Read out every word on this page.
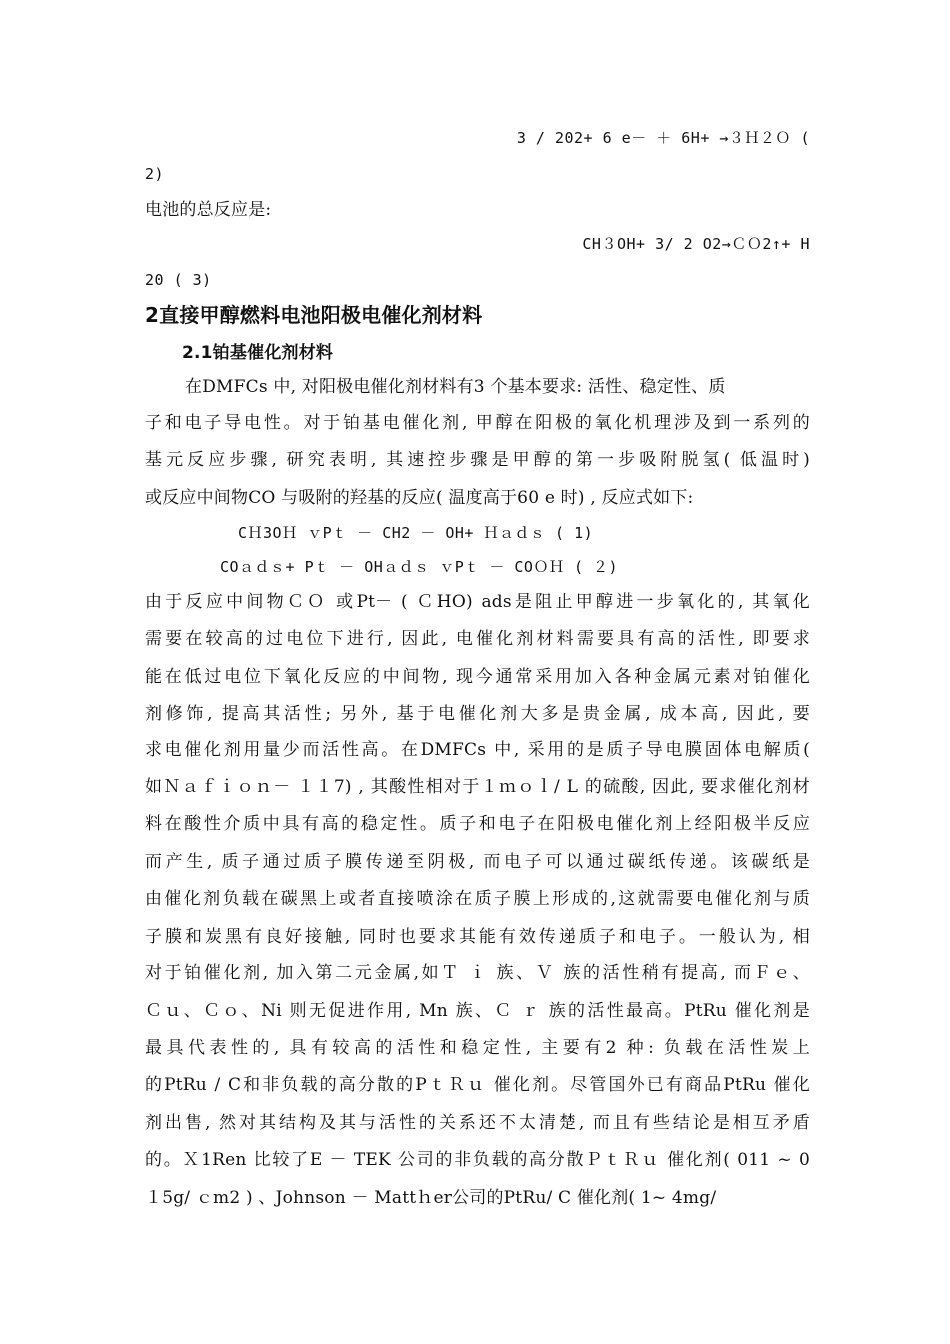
3 / 202+ 6 e－ ＋ 6H+ →３Ｈ２Ｏ (
2)
电池的总反应是:
CH３OH+ 3/ 2 O2→ＣＯ2↑+ H
20 ( 3)
2直接甲醇燃料电池阳极电催化剂材料
2.1铂基催化剂材料
在DMFCs 中, 对阳极电催化剂材料有3 个基本要求: 活性、稳定性、质
子和电子导电性。对于铂基电催化剂, 甲醇在阳极的氧化机理涉及到一系列的
基元反应步骤, 研究表明, 其速控步骤是甲醇的第一步吸附脱氢( 低温时)
或反应中间物CO 与吸附的羟基的反应( 温度高于60 e 时) , 反应式如下:
CＨ3OＨ ｖPｔ － CH2 － OH+ Ｈａｄｓ ( 1)
COａｄｓ+ Pｔ － OHａｄｓ ｖPｔ － COＯＨ ( ２)
由于反应中间物ＣＯ 或Pt－ ( ＣHO) ads是阻止甲醇进一步氧化的, 其氧化
需要在较高的过电位下进行, 因此, 电催化剂材料需要具有高的活性, 即要求
能在低过电位下氧化反应的中间物, 现今通常采用加入各种金属元素对铂催化
剂修饰, 提高其活性; 另外, 基于电催化剂大多是贵金属, 成本高, 因此, 要
求电催化剂用量少而活性高。在DMFCs 中, 采用的是质子导电膜固体电解质(
如Ｎａｆｉｏｎ－ １１7) , 其酸性相对于１ｍｏｌ/ L 的硫酸, 因此, 要求催化剂材
料在酸性介质中具有高的稳定性。质子和电子在阳极电催化剂上经阳极半反应
而产生, 质子通过质子膜传递至阴极, 而电子可以通过碳纸传递。该碳纸是
由催化剂负载在碳黑上或者直接喷涂在质子膜上形成的,这就需要电催化剂与质
子膜和炭黑有良好接触, 同时也要求其能有效传递质子和电子。一般认为, 相
对于铂催化剂, 加入第二元金属,如Ｔ ｉ 族、Ｖ 族的活性稍有提高, 而Ｆｅ、
Ｃｕ、Ｃｏ、Ni 则无促进作用, Mn 族、Ｃ ｒ 族的活性最高。PtRu 催化剂是
最具代表性的, 具有较高的活性和稳定性, 主要有2 种: 负载在活性炭上
的PtRu / C和非负载的高分散的PｔＲｕ 催化剂。尽管国外已有商品PtRu 催化
剂出售, 然对其结构及其与活性的关系还不太清楚, 而且有些结论是相互矛盾
的。Ｘ1Ren 比较了E － TEK 公司的非负载的高分散ＰｔＲｕ 催化剂( 011 ~ 0
１5g/ ｃm2 ) 、Johnson － Mattｈer公司的PtRu/ C 催化剂( 1~ 4mg/
